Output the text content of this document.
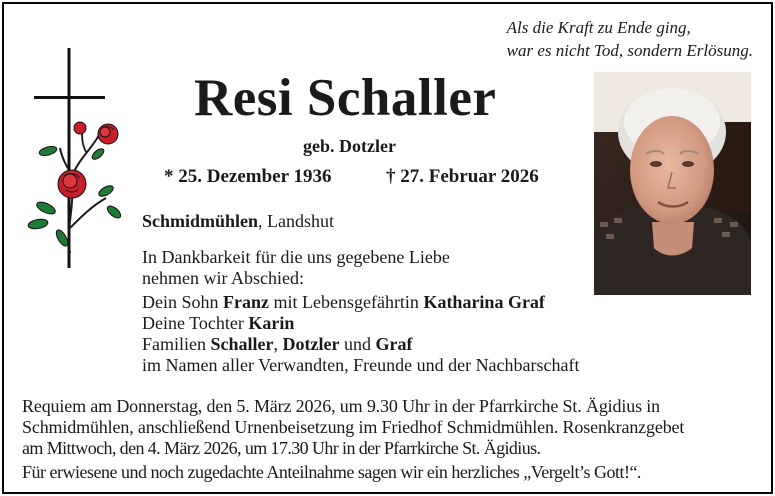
Als die Kraft zu Ende ging,
war es nicht Tod, sondern Erlösung.
Resi Schaller
geb. Dotzler
* 25. Dezember 1936	† 27. Februar 2026
Schmidmühlen, Landshut
In Dankbarkeit für die uns gegebene Liebe
nehmen wir Abschied:
Dein Sohn Franz mit Lebensgefährtin Katharina Graf
Deine Tochter Karin
Familien Schaller, Dotzler und Graf
im Namen aller Verwandten, Freunde und der Nachbarschaft
Requiem am Donnerstag, den 5. März 2026, um 9.30 Uhr in der Pfarrkirche St. Ägidius in
Schmidmühlen, anschließend Urnenbeisetzung im Friedhof Schmidmühlen. Rosenkranzgebet
am Mittwoch, den 4. März 2026, um 17.30 Uhr in der Pfarrkirche St. Ägidius.
Für erwiesene und noch zugedachte Anteilnahme sagen wir ein herzliches „Vergelt’s Gott!“.
